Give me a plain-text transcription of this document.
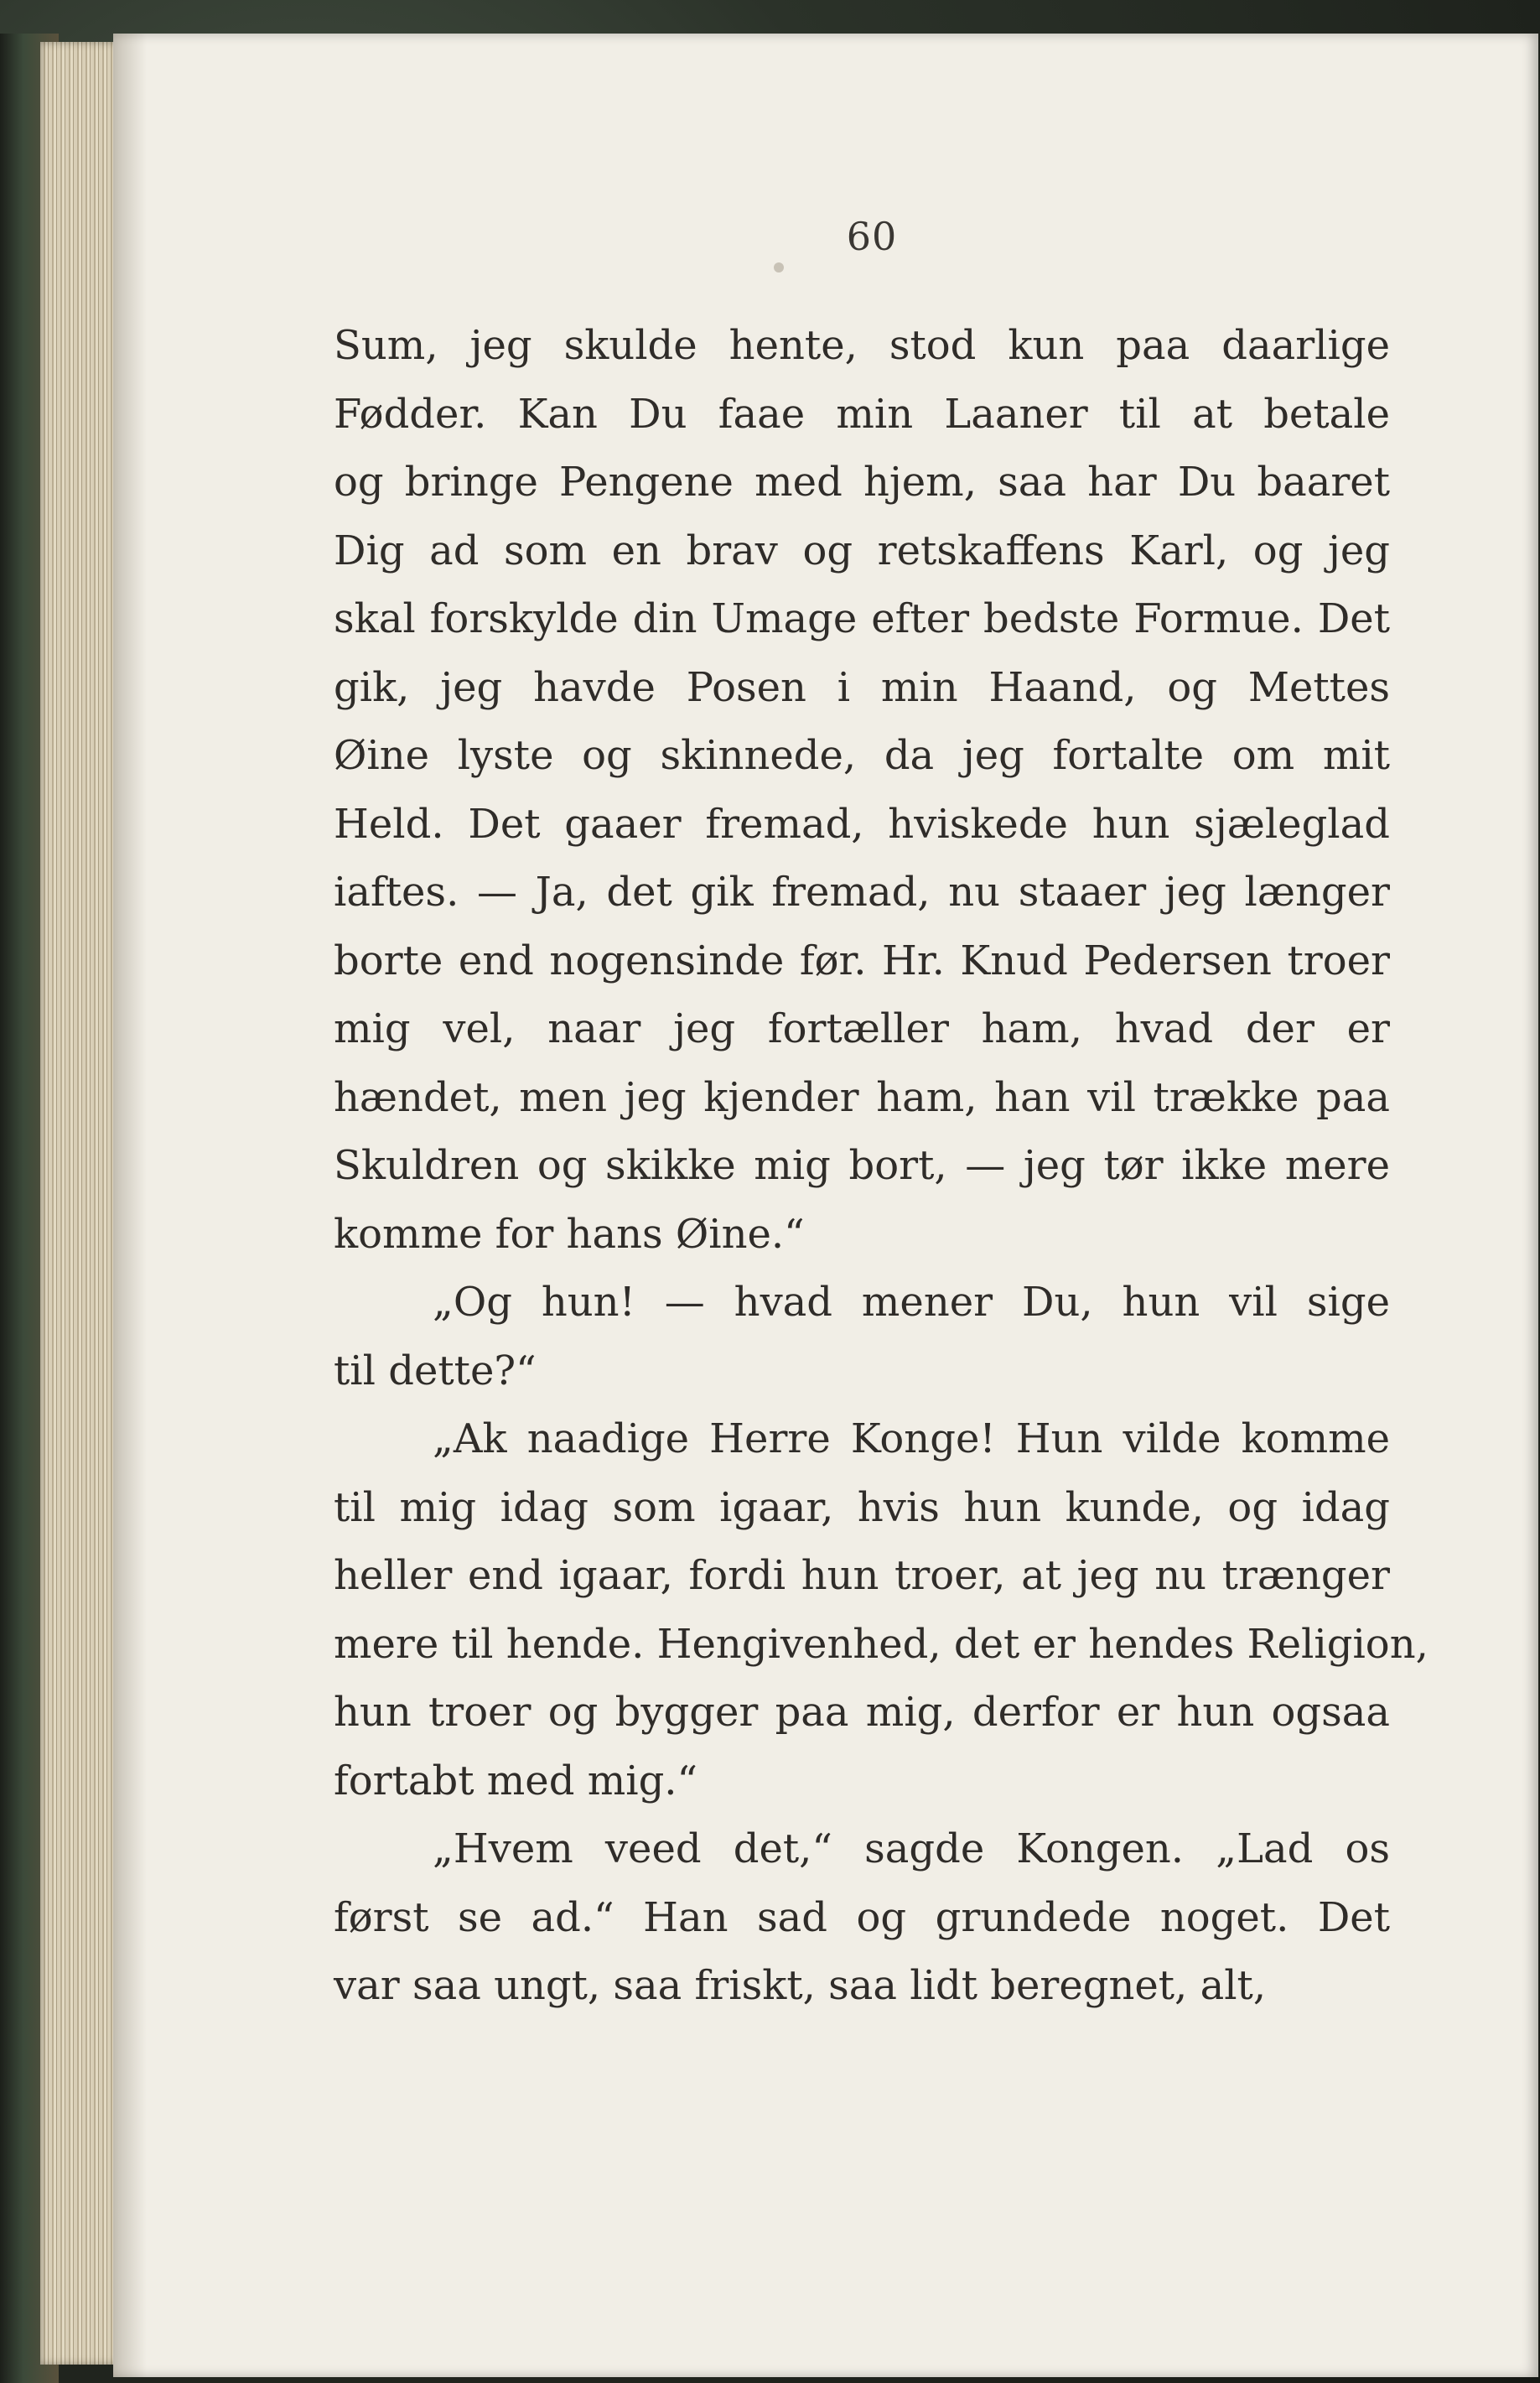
60

Sum, jeg skulde hente, stod kun paa daarlige
Fødder. Kan Du faae min Laaner til at betale
og bringe Pengene med hjem, saa har Du baaret
Dig ad som en brav og retskaffens Karl, og jeg
skal forskylde din Umage efter bedste Formue. Det
gik, jeg havde Posen i min Haand, og Mettes
Øine lyste og skinnede, da jeg fortalte om mit
Held. Det gaaer fremad, hviskede hun sjæleglad
iaftes. — Ja, det gik fremad, nu staaer jeg længer
borte end nogensinde før. Hr. Knud Pedersen troer
mig vel, naar jeg fortæller ham, hvad der er
hændet, men jeg kjender ham, han vil trække paa
Skuldren og skikke mig bort, — jeg tør ikke mere
komme for hans Øine.“

„Og hun! — hvad mener Du, hun vil sige
til dette?“

„Ak naadige Herre Konge! Hun vilde komme
til mig idag som igaar, hvis hun kunde, og idag
heller end igaar, fordi hun troer, at jeg nu trænger
mere til hende. Hengivenhed, det er hendes Religion,
hun troer og bygger paa mig, derfor er hun ogsaa
fortabt med mig.“

„Hvem veed det,“ sagde Kongen. „Lad os
først se ad.“ Han sad og grundede noget. Det
var saa ungt, saa friskt, saa lidt beregnet, alt,
